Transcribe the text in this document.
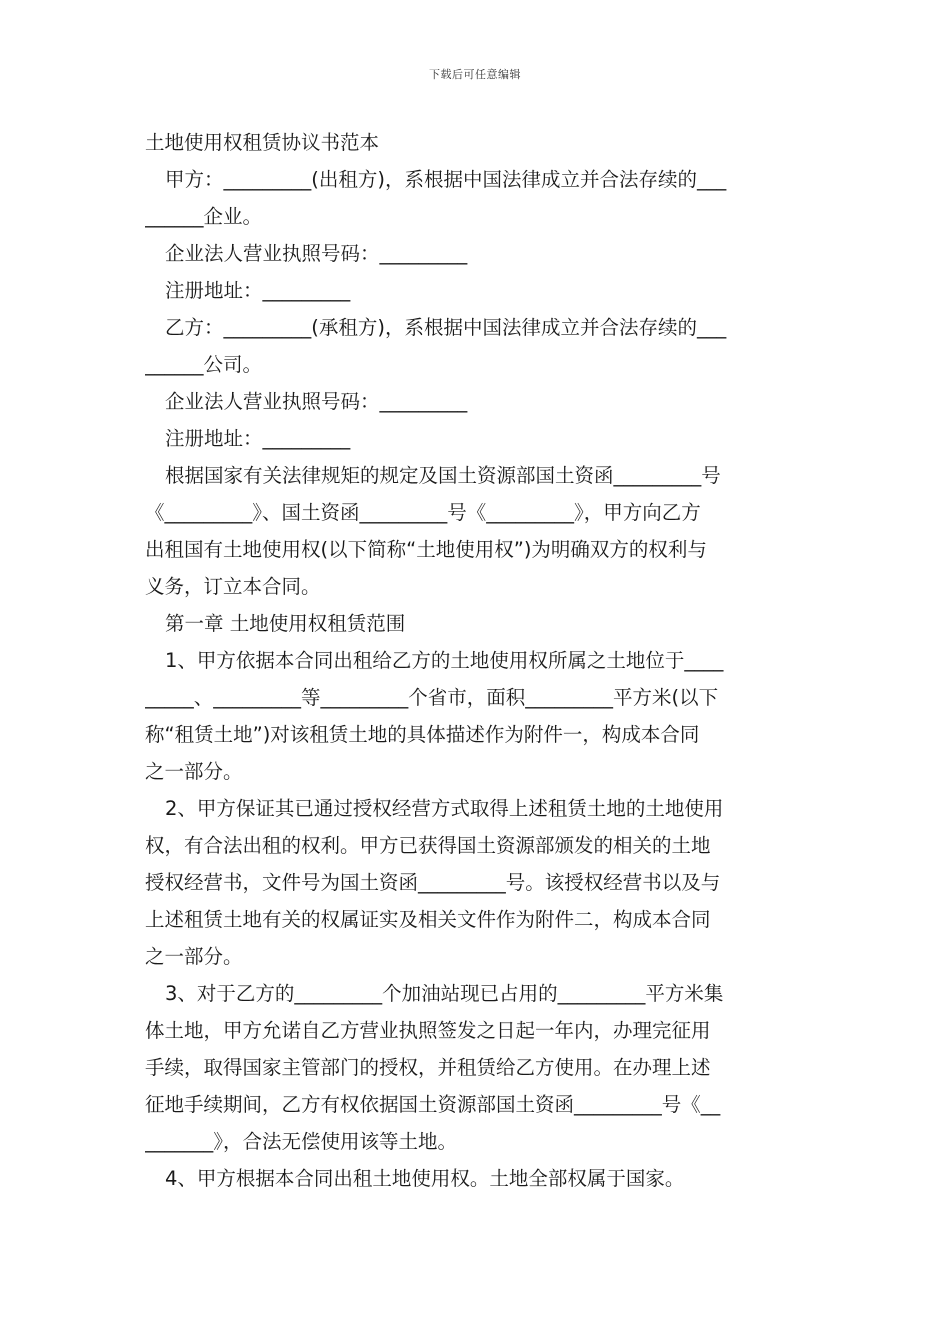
下载后可任意编辑
土地使用权租赁协议书范本
甲方：_________(出租方)，系根据中国法律成立并合法存续的___
______企业。
企业法人营业执照号码：_________
注册地址：_________
乙方：_________(承租方)，系根据中国法律成立并合法存续的___
______公司。
企业法人营业执照号码：_________
注册地址：_________
根据国家有关法律规矩的规定及国土资源部国土资函_________号
《_________》、国土资函_________号《_________》，甲方向乙方
出租国有土地使用权(以下简称“土地使用权”)为明确双方的权利与
义务，订立本合同。
第一章 土地使用权租赁范围
1、甲方依据本合同出租给乙方的土地使用权所属之土地位于____
_____、_________等_________个省市，面积_________平方米(以下
称“租赁土地”)对该租赁土地的具体描述作为附件一，构成本合同
之一部分。
2、甲方保证其已通过授权经营方式取得上述租赁土地的土地使用
权，有合法出租的权利。甲方已获得国土资源部颁发的相关的土地
授权经营书，文件号为国土资函_________号。该授权经营书以及与
上述租赁土地有关的权属证实及相关文件作为附件二，构成本合同
之一部分。
3、对于乙方的_________个加油站现已占用的_________平方米集
体土地，甲方允诺自乙方营业执照签发之日起一年内，办理完征用
手续，取得国家主管部门的授权，并租赁给乙方使用。在办理上述
征地手续期间，乙方有权依据国土资源部国土资函_________号《__
_______》，合法无偿使用该等土地。
4、甲方根据本合同出租土地使用权。土地全部权属于国家。
